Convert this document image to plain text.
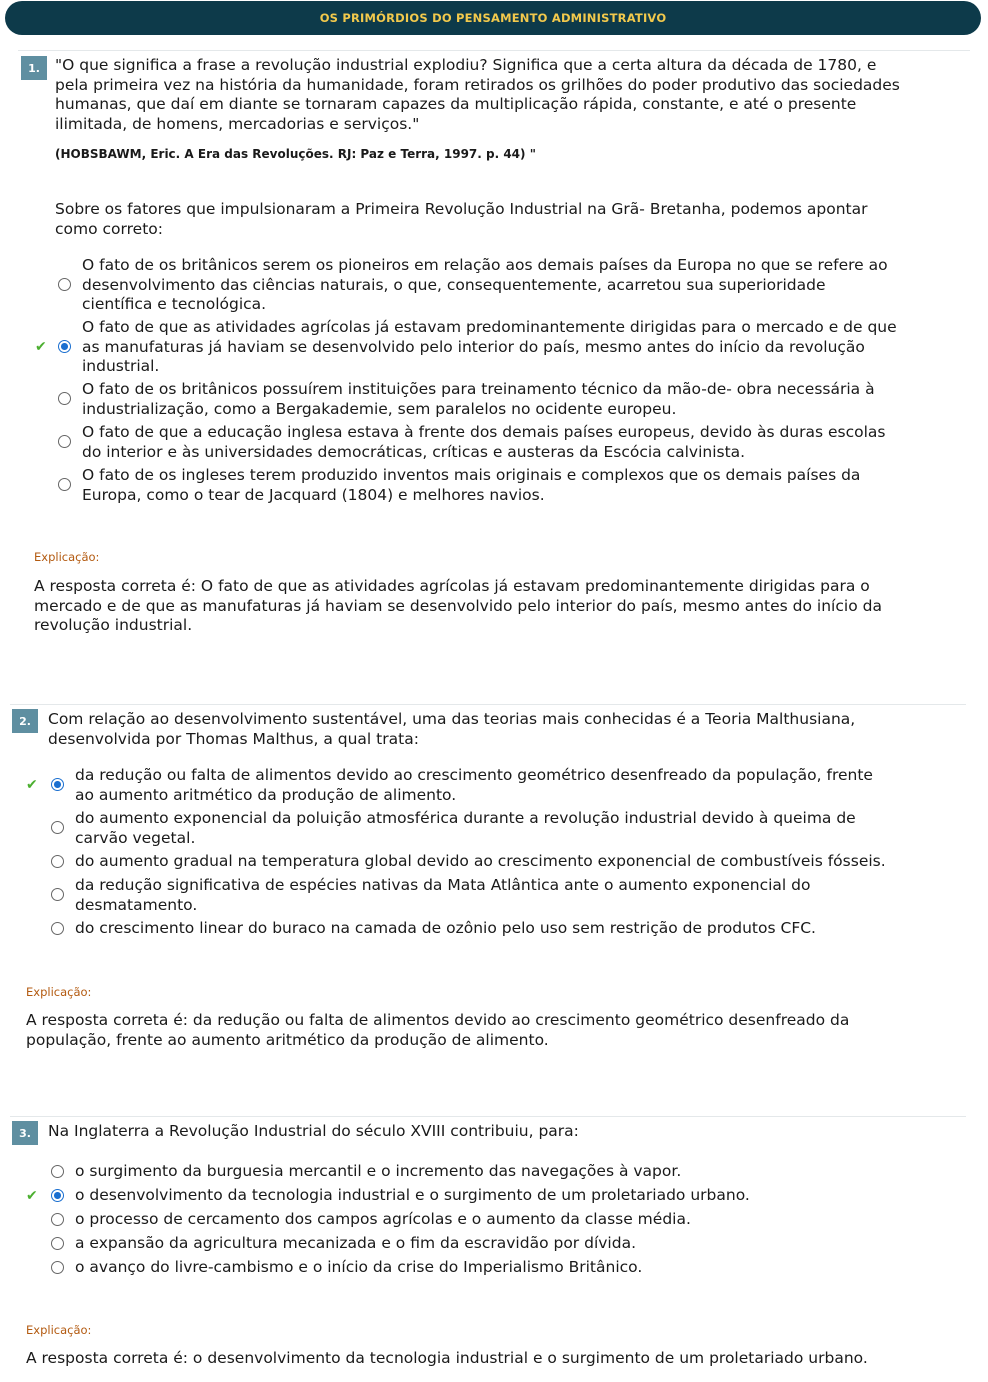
OS PRIMÓRDIOS DO PENSAMENTO ADMINISTRATIVO
1. "O que significa a frase a revolução industrial explodiu? Significa que a certa altura da década de 1780, e
pela primeira vez na história da humanidade, foram retirados os grilhões do poder produtivo das sociedades
humanas, que daí em diante se tornaram capazes da multiplicação rápida, constante, e até o presente
ilimitada, de homens, mercadorias e serviços."
(HOBSBAWM, Eric. A Era das Revoluções. RJ: Paz e Terra, 1997. p. 44) "
Sobre os fatores que impulsionaram a Primeira Revolução Industrial na Grã- Bretanha, podemos apontar
como correto:
O fato de os britânicos serem os pioneiros em relação aos demais países da Europa no que se refere ao
desenvolvimento das ciências naturais, o que, consequentemente, acarretou sua superioridade
científica e tecnológica.
✔
O fato de que as atividades agrícolas já estavam predominantemente dirigidas para o mercado e de que
as manufaturas já haviam se desenvolvido pelo interior do país, mesmo antes do início da revolução
industrial.
O fato de os britânicos possuírem instituições para treinamento técnico da mão-de- obra necessária à
industrialização, como a Bergakademie, sem paralelos no ocidente europeu.
O fato de que a educação inglesa estava à frente dos demais países europeus, devido às duras escolas
do interior e às universidades democráticas, críticas e austeras da Escócia calvinista.
O fato de os ingleses terem produzido inventos mais originais e complexos que os demais países da
Europa, como o tear de Jacquard (1804) e melhores navios.
Explicação:
A resposta correta é: O fato de que as atividades agrícolas já estavam predominantemente dirigidas para o
mercado e de que as manufaturas já haviam se desenvolvido pelo interior do país, mesmo antes do início da
revolução industrial.
2.	Com relação ao desenvolvimento sustentável, uma das teorias mais conhecidas é a Teoria Malthusiana,
desenvolvida por Thomas Malthus, a qual trata:
✔
da redução ou falta de alimentos devido ao crescimento geométrico desenfreado da população, frente
ao aumento aritmético da produção de alimento.
do aumento exponencial da poluição atmosférica durante a revolução industrial devido à queima de
carvão vegetal.
do aumento gradual na temperatura global devido ao crescimento exponencial de combustíveis fósseis.
da redução significativa de espécies nativas da Mata Atlântica ante o aumento exponencial do
desmatamento.
do crescimento linear do buraco na camada de ozônio pelo uso sem restrição de produtos CFC.
Explicação:
A resposta correta é: da redução ou falta de alimentos devido ao crescimento geométrico desenfreado da
população, frente ao aumento aritmético da produção de alimento.
3.	Na Inglaterra a Revolução Industrial do século XVIII contribuiu, para:
o surgimento da burguesia mercantil e o incremento das navegações à vapor.
✔ o desenvolvimento da tecnologia industrial e o surgimento de um proletariado urbano.
o processo de cercamento dos campos agrícolas e o aumento da classe média.
a expansão da agricultura mecanizada e o fim da escravidão por dívida.
o avanço do livre-cambismo e o início da crise do Imperialismo Britânico.
Explicação:
A resposta correta é: o desenvolvimento da tecnologia industrial e o surgimento de um proletariado urbano.
